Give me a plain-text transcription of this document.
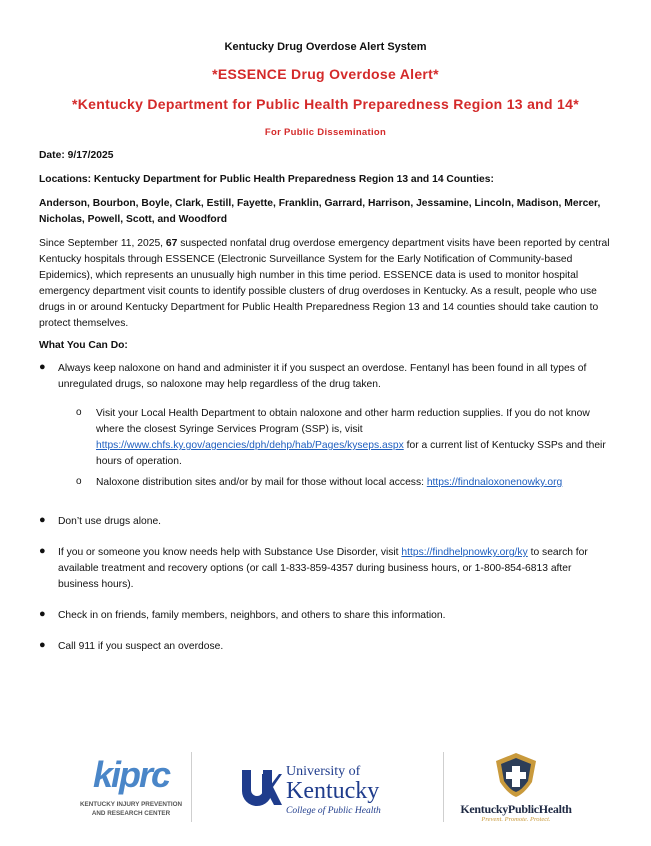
Kentucky Drug Overdose Alert System
*ESSENCE Drug Overdose Alert*
*Kentucky Department for Public Health Preparedness Region 13 and 14*
For Public Dissemination
Date: 9/17/2025
Locations: Kentucky Department for Public Health Preparedness Region 13 and 14 Counties:
Anderson, Bourbon, Boyle, Clark, Estill, Fayette, Franklin, Garrard, Harrison, Jessamine, Lincoln, Madison, Mercer, Nicholas, Powell, Scott, and Woodford
Since September 11, 2025, 67 suspected nonfatal drug overdose emergency department visits have been reported by central Kentucky hospitals through ESSENCE (Electronic Surveillance System for the Early Notification of Community-based Epidemics), which represents an unusually high number in this time period. ESSENCE data is used to monitor hospital emergency department visit counts to identify possible clusters of drug overdoses in Kentucky. As a result, people who use drugs in or around Kentucky Department for Public Health Preparedness Region 13 and 14 counties should take caution to protect themselves.
What You Can Do:
● Always keep naloxone on hand and administer it if you suspect an overdose. Fentanyl has been found in all types of unregulated drugs, so naloxone may help regardless of the drug taken.
o Visit your Local Health Department to obtain naloxone and other harm reduction supplies. If you do not know where the closest Syringe Services Program (SSP) is, visit https://www.chfs.ky.gov/agencies/dph/dehp/hab/Pages/kyseps.aspx for a current list of Kentucky SSPs and their hours of operation.
o Naloxone distribution sites and/or by mail for those without local access: https://findnaloxonenowky.org
● Don’t use drugs alone.
● If you or someone you know needs help with Substance Use Disorder, visit https://findhelpnowky.org/ky to search for available treatment and recovery options (or call 1-833-859-4357 during business hours, or 1-800-854-6813 after business hours).
● Check in on friends, family members, neighbors, and others to share this information.
● Call 911 if you suspect an overdose.
kiprc
KENTUCKY INJURY PREVENTION AND RESEARCH CENTER
University of
Kentucky
College of Public Health	KentuckyPublicHealth
Prevent. Promote. Protect.
